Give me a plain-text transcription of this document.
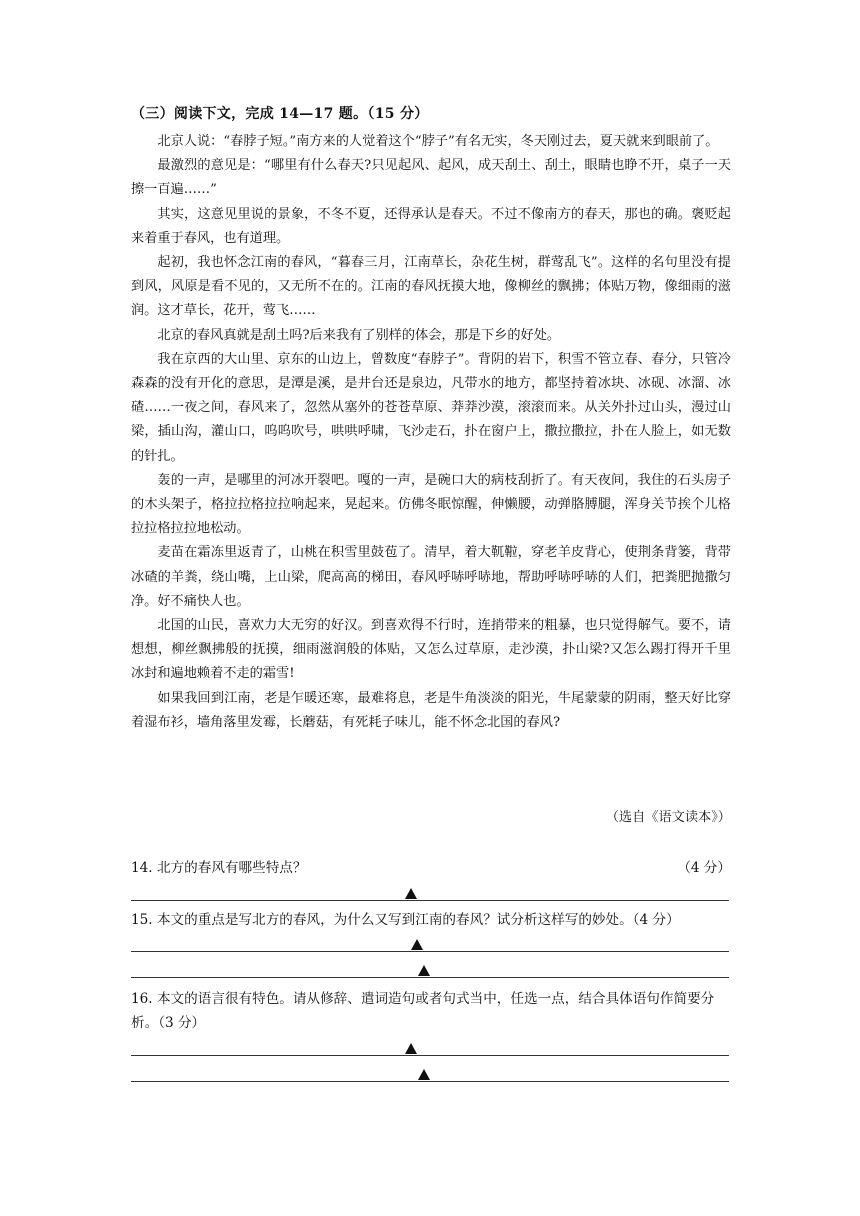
（三）阅读下文，完成 14—17 题。（15 分）

北京人说：“春脖子短。”南方来的人觉着这个“脖子”有名无实，冬天刚过去，夏天就来到眼前了。

最激烈的意见是：“哪里有什么春天?只见起风、起风，成天刮土、刮土，眼睛也睁不开，桌子一天擦一百遍……”

其实，这意见里说的景象，不冬不夏，还得承认是春天。不过不像南方的春天，那也的确。褒贬起来着重于春风，也有道理。

起初，我也怀念江南的春风，“暮春三月，江南草长，杂花生树，群莺乱飞”。这样的名句里没有提到风，风原是看不见的，又无所不在的。江南的春风抚摸大地，像柳丝的飘拂；体贴万物，像细雨的滋润。这才草长，花开，莺飞……

北京的春风真就是刮土吗?后来我有了别样的体会，那是下乡的好处。

我在京西的大山里、京东的山边上，曾数度“春脖子”。背阴的岩下，积雪不管立春、春分，只管冷森森的没有开化的意思，是潭是溪，是井台还是泉边，凡带水的地方，都坚持着冰块、冰砚、冰溜、冰碴……一夜之间，春风来了，忽然从塞外的苍苍草原、莽莽沙漠，滚滚而来。从关外扑过山头，漫过山梁，插山沟，灌山口，呜呜吹号，哄哄呼啸，飞沙走石，扑在窗户上，撒拉撒拉，扑在人脸上，如无数的针扎。

轰的一声，是哪里的河冰开裂吧。嘎的一声，是碗口大的病枝刮折了。有天夜间，我住的石头房子的木头架子，格拉拉格拉拉响起来，晃起来。仿佛冬眠惊醒，伸懒腰，动弹胳膊腿，浑身关节挨个儿格拉拉格拉拉地松动。

麦苗在霜冻里返青了，山桃在积雪里鼓苞了。清早，着大靰鞡，穿老羊皮背心，使荆条背篓，背带冰碴的羊粪，绕山嘴，上山梁，爬高高的梯田，春风呼哧呼哧地，帮助呼哧呼哧的人们，把粪肥抛撒匀净。好不痛快人也。

北国的山民，喜欢力大无穷的好汉。到喜欢得不行时，连捎带来的粗暴，也只觉得解气。要不，请想想，柳丝飘拂般的抚摸，细雨滋润般的体贴，又怎么过草原，走沙漠，扑山梁?又怎么踢打得开千里冰封和遍地赖着不走的霜雪!

如果我回到江南，老是乍暖还寒，最难将息，老是牛角淡淡的阳光，牛尾蒙蒙的阴雨，整天好比穿着湿布衫，墙角落里发霉，长蘑菇，有死耗子味儿，能不怀念北国的春风?

（选自《语文读本》）
14. 北方的春风有哪些特点？	（4 分）
15. 本文的重点是写北方的春风，为什么又写到江南的春风？试分析这样写的妙处。（4 分）
16. 本文的语言很有特色。请从修辞、遣词造句或者句式当中，任选一点，结合具体语句作简要分析。（3 分）
